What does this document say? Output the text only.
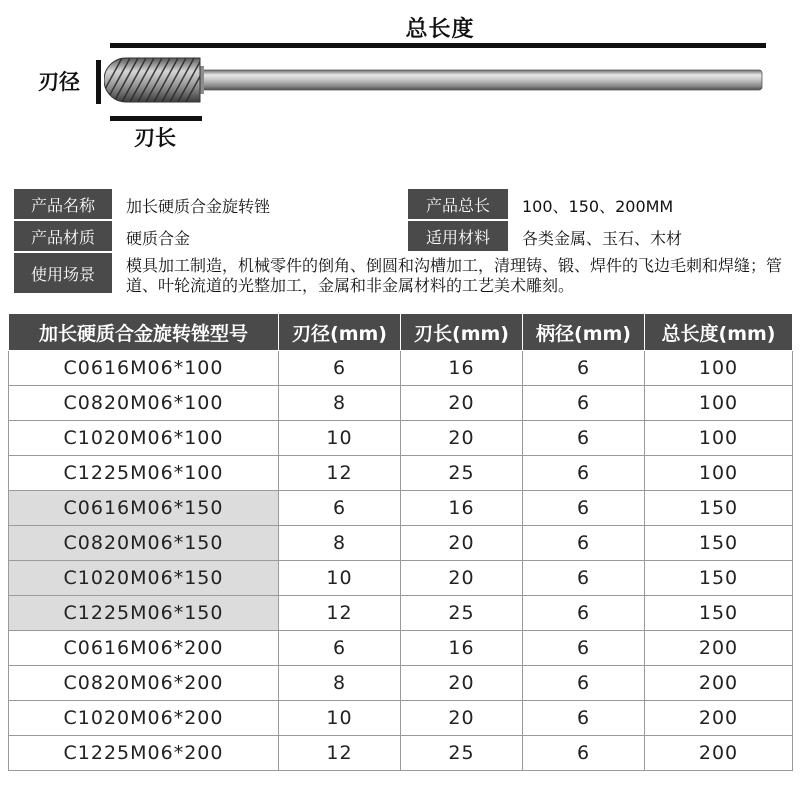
总长度
刃径
刃长
产品名称	加长硬质合金旋转锉	产品总长	100、150、200MM
产品材质	硬质合金	适用材料	各类金属、玉石、木材
使用场景	模具加工制造，机械零件的倒角、倒圆和沟槽加工，清理铸、锻、焊件的飞边毛刺和焊缝；管道、叶轮流道的光整加工，金属和非金属材料的工艺美术雕刻。
加长硬质合金旋转锉型号	刃径(mm)	刃长(mm)	柄径(mm)	总长度(mm)
C0616M06*100	6	16	6	100
C0820M06*100	8	20	6	100
C1020M06*100	10	20	6	100
C1225M06*100	12	25	6	100
C0616M06*150	6	16	6	150
C0820M06*150	8	20	6	150
C1020M06*150	10	20	6	150
C1225M06*150	12	25	6	150
C0616M06*200	6	16	6	200
C0820M06*200	8	20	6	200
C1020M06*200	10	20	6	200
C1225M06*200	12	25	6	200
